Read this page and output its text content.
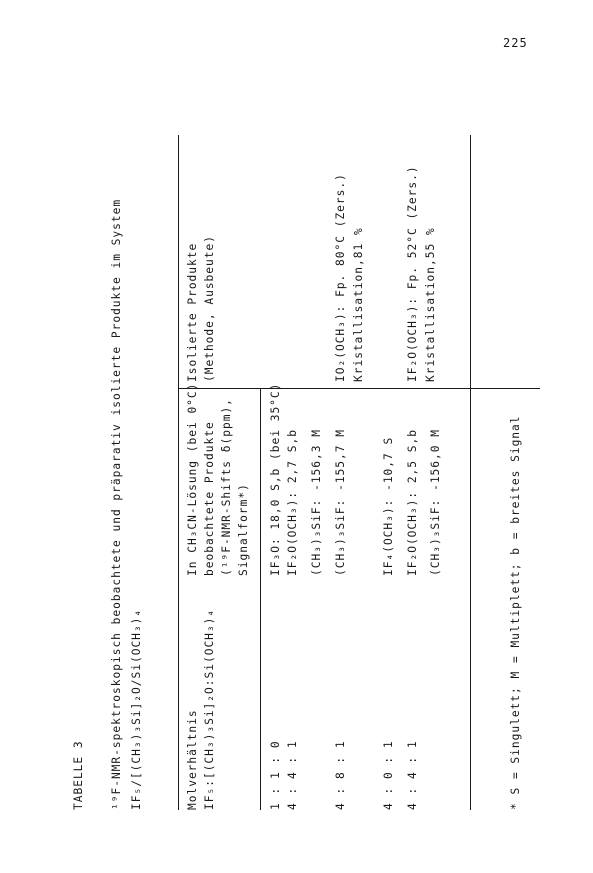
225
TABELLE 3 ¹⁹F-NMR-spektroskopisch beobachtete und präparativ isolierte Produkte im System IF₅/[(CH₃)₃Si]₂O/Si(OCH₃)₄	Molverhältnis IF₅:[(CH₃)₃Si]₂O:Si(OCH₃)₄
In CH₃CN-Lösung (bei 0°C) beobachtete Produkte (¹⁹F-NMR-Shifts δ(ppm), Signalform*)
Isolierte Produkte (Methode, Ausbeute)
1 : 1 : 0
IF₃O: 18,0 S,b (bei 35°C)
4 : 4 : 1
IF₂O(OCH₃): 2,7 S,b (CH₃)₃SiF: -156,3 M
4 : 8 : 1
(CH₃)₃SiF: -155,7 M
IO₂(OCH₃): Fp. 80°C (Zers.) Kristallisation,81 %
4 : 0 : 1
IF₄(OCH₃): -10,7 S
4 : 4 : 1
IF₂O(OCH₃): 2,5 S,b (CH₃)₃SiF: -156,0 M
IF₂O(OCH₃): Fp. 52°C (Zers.) Kristallisation,55 %
* S = Singulett; M = Multiplett; b = breites Signal
